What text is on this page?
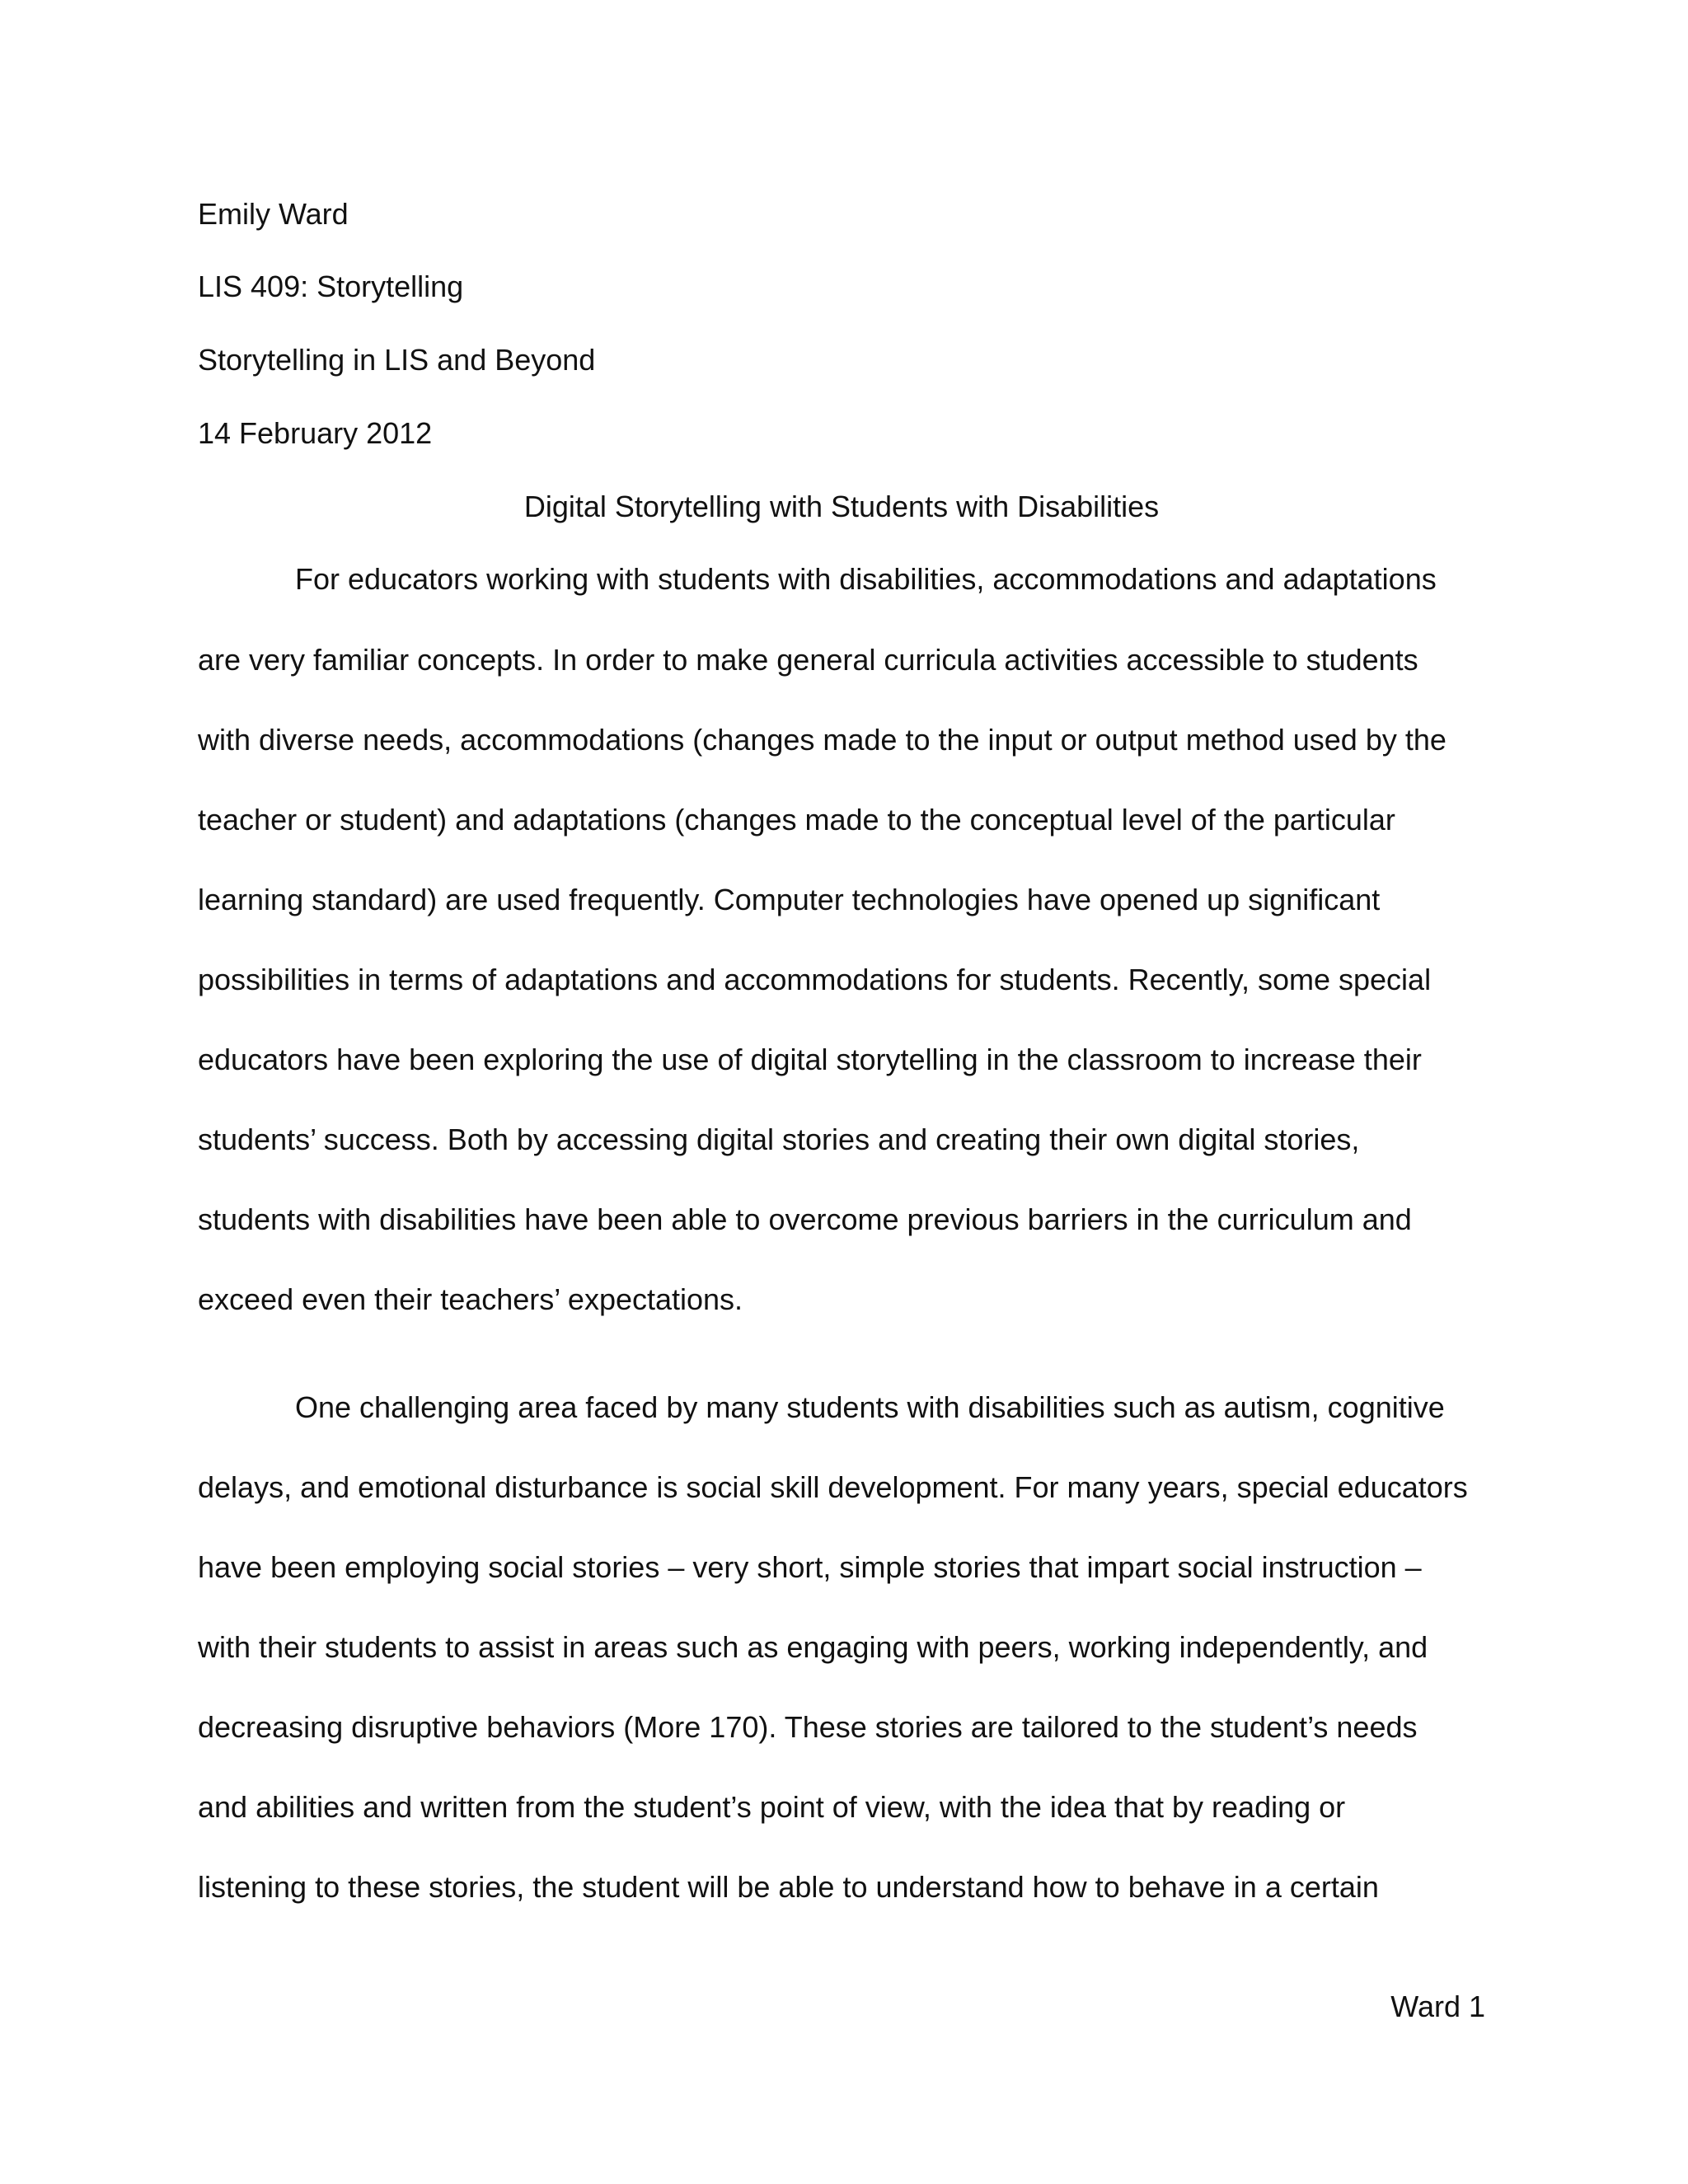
Emily Ward
LIS 409: Storytelling
Storytelling in LIS and Beyond
14 February 2012
Digital Storytelling with Students with Disabilities
For educators working with students with disabilities, accommodations and adaptations
are very familiar concepts. In order to make general curricula activities accessible to students
with diverse needs, accommodations (changes made to the input or output method used by the
teacher or student) and adaptations (changes made to the conceptual level of the particular
learning standard) are used frequently. Computer technologies have opened up significant
possibilities in terms of adaptations and accommodations for students. Recently, some special
educators have been exploring the use of digital storytelling in the classroom to increase their
students’ success. Both by accessing digital stories and creating their own digital stories,
students with disabilities have been able to overcome previous barriers in the curriculum and
exceed even their teachers’ expectations.
One challenging area faced by many students with disabilities such as autism, cognitive
delays, and emotional disturbance is social skill development. For many years, special educators
have been employing social stories – very short, simple stories that impart social instruction –
with their students to assist in areas such as engaging with peers, working independently, and
decreasing disruptive behaviors (More 170). These stories are tailored to the student’s needs
and abilities and written from the student’s point of view, with the idea that by reading or
listening to these stories, the student will be able to understand how to behave in a certain
Ward 1
